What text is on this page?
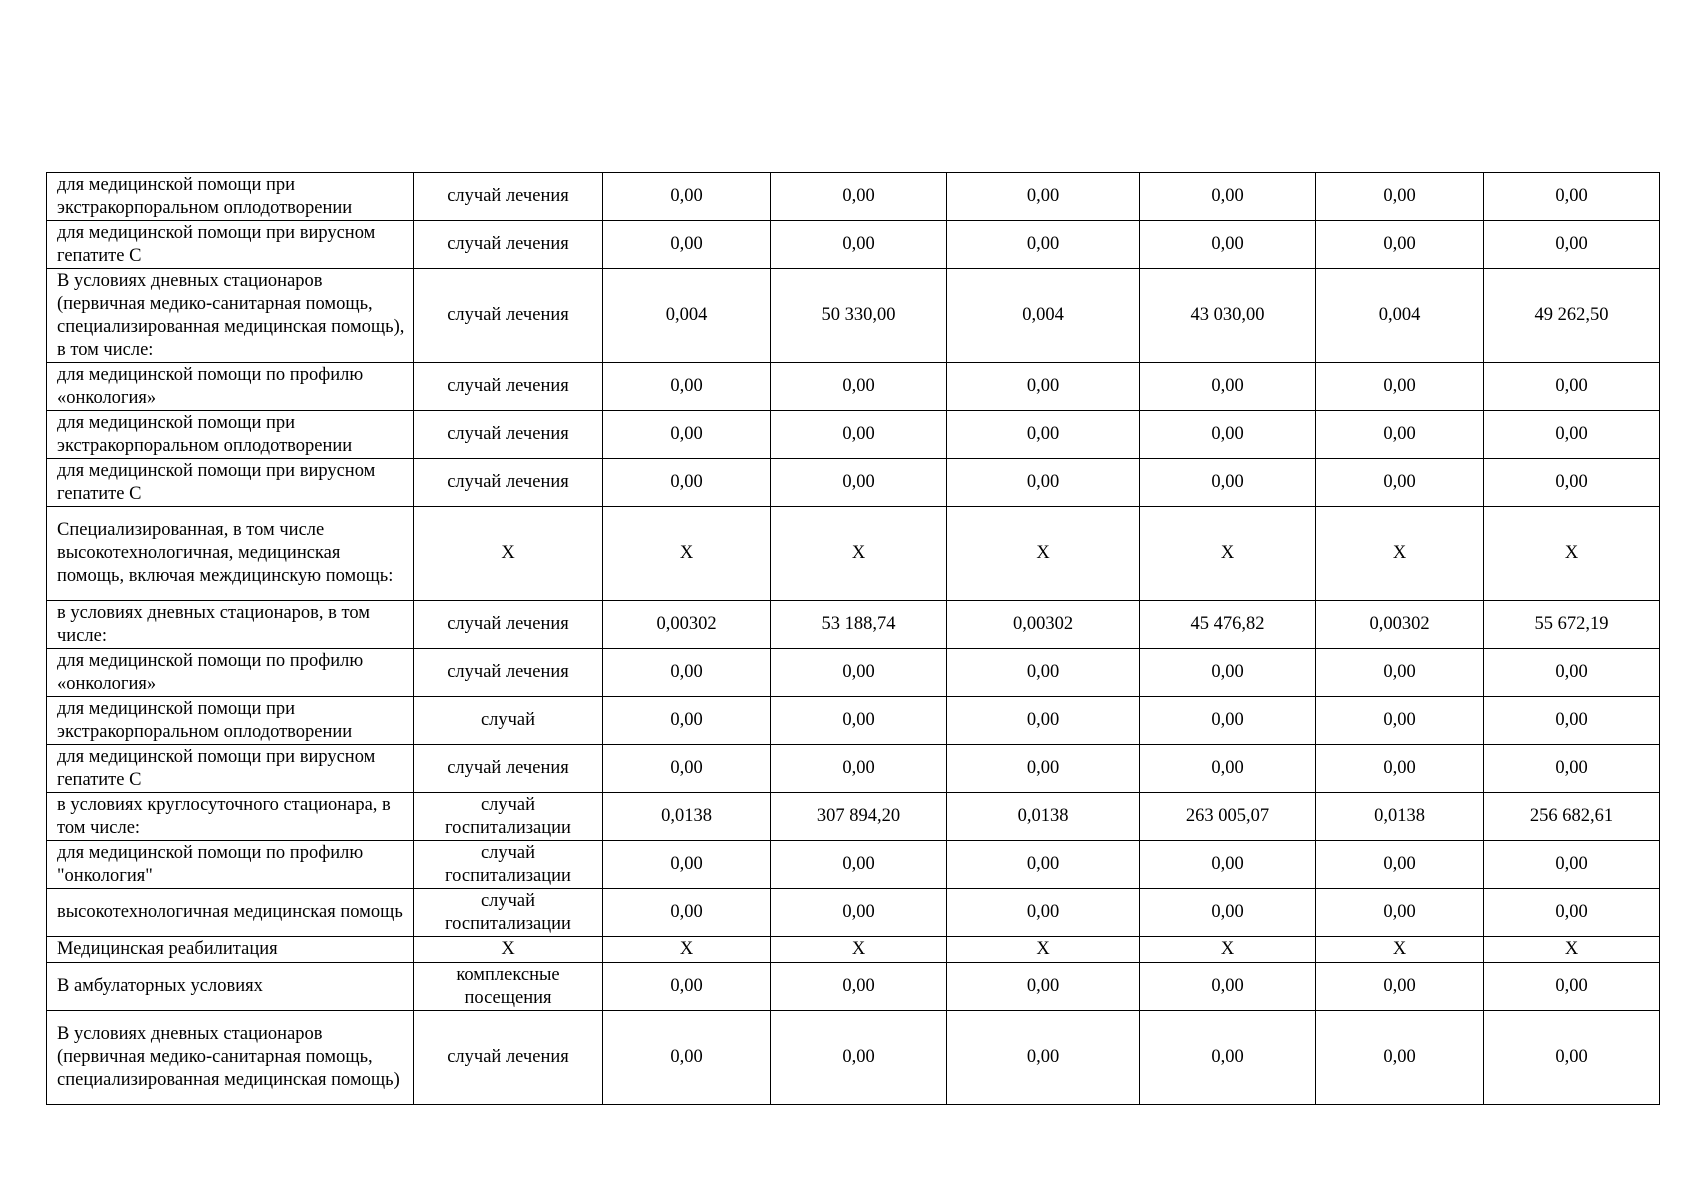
для медицинской помощи при экстракорпоральном оплодотворении	случай лечения	0,00	0,00	0,00	0,00	0,00	0,00
для медицинской помощи при вирусном гепатите С	случай лечения	0,00	0,00	0,00	0,00	0,00	0,00
В условиях дневных стационаров (первичная медико-санитарная помощь, специализированная медицинская помощь), в том числе:	случай лечения	0,004	50 330,00	0,004	43 030,00	0,004	49 262,50
для медицинской помощи по профилю «онкология»	случай лечения	0,00	0,00	0,00	0,00	0,00	0,00
для медицинской помощи при экстракорпоральном оплодотворении	случай лечения	0,00	0,00	0,00	0,00	0,00	0,00
для медицинской помощи при вирусном гепатите С	случай лечения	0,00	0,00	0,00	0,00	0,00	0,00
Специализированная, в том числе высокотехнологичная, медицинская помощь, включая междицинскую помощь:	X	X	X	X	X	X	X
в условиях дневных стационаров, в том числе:	случай лечения	0,00302	53 188,74	0,00302	45 476,82	0,00302	55 672,19
для медицинской помощи по профилю «онкология»	случай лечения	0,00	0,00	0,00	0,00	0,00	0,00
для медицинской помощи при экстракорпоральном оплодотворении	случай	0,00	0,00	0,00	0,00	0,00	0,00
для медицинской помощи при вирусном гепатите С	случай лечения	0,00	0,00	0,00	0,00	0,00	0,00
в условиях круглосуточного стационара, в том числе:	случай госпитализации	0,0138	307 894,20	0,0138	263 005,07	0,0138	256 682,61
для медицинской помощи по профилю "онкология"	случай госпитализации	0,00	0,00	0,00	0,00	0,00	0,00
высокотехнологичная медицинская помощь	случай госпитализации	0,00	0,00	0,00	0,00	0,00	0,00
Медицинская реабилитация	X	X	X	X	X	X	X
В амбулаторных условиях	комплексные посещения	0,00	0,00	0,00	0,00	0,00	0,00
В условиях дневных стационаров (первичная медико-санитарная помощь, специализированная медицинская помощь)	случай лечения	0,00	0,00	0,00	0,00	0,00	0,00
